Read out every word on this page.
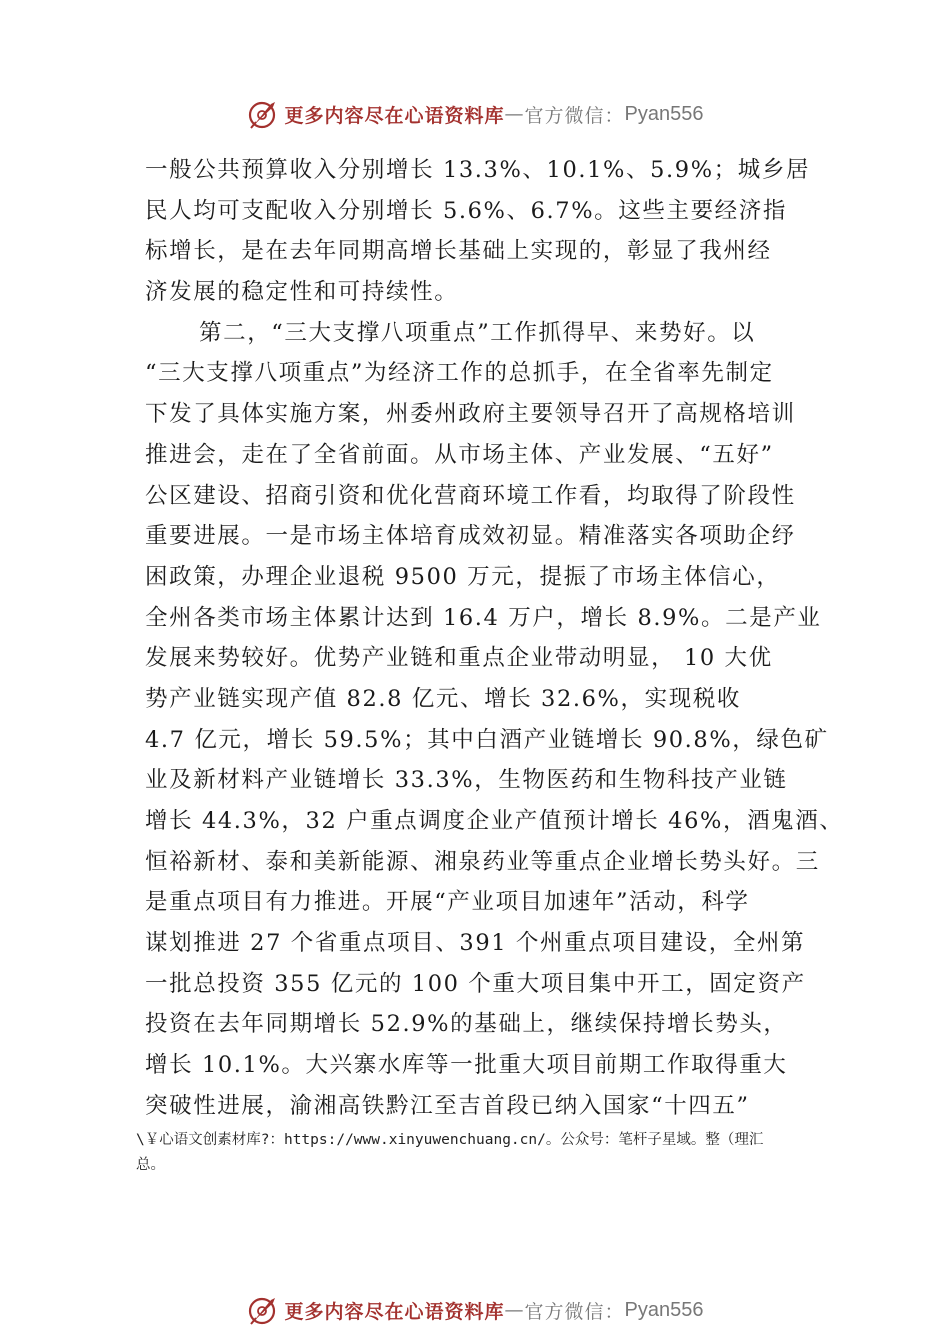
更多内容尽在心语资料库 — 官方微信： Pyan556
一般公共预算收入分别增长 13.3%、10.1%、5.9%；城乡居
民人均可支配收入分别增长 5.6%、6.7%。这些主要经济指
标增长，是在去年同期高增长基础上实现的，彰显了我州经
济发展的稳定性和可持续性。
第二，“三大支撑八项重点”工作抓得早、来势好。以
“三大支撑八项重点”为经济工作的总抓手，在全省率先制定
下发了具体实施方案，州委州政府主要领导召开了高规格培训
推进会，走在了全省前面。从市场主体、产业发展、“五好”
公区建设、招商引资和优化营商环境工作看，均取得了阶段性
重要进展。一是市场主体培育成效初显。精准落实各项助企纾
困政策，办理企业退税 9500 万元，提振了市场主体信心，
全州各类市场主体累计达到 16.4 万户，增长 8.9%。二是产业
发展来势较好。优势产业链和重点企业带动明显， 10 大优
势产业链实现产值 82.8 亿元、增长 32.6%，实现税收
4.7 亿元，增长 59.5%；其中白酒产业链增长 90.8%，绿色矿
业及新材料产业链增长 33.3%，生物医药和生物科技产业链
增长 44.3%，32 户重点调度企业产值预计增长 46%，酒鬼酒、
恒裕新材、泰和美新能源、湘泉药业等重点企业增长势头好。三
是重点项目有力推进。开展“产业项目加速年”活动，科学
谋划推进 27 个省重点项目、391 个州重点项目建设，全州第
一批总投资 355 亿元的 100 个重大项目集中开工，固定资产
投资在去年同期增长 52.9%的基础上，继续保持增长势头，
增长 10.1%。大兴寨水库等一批重大项目前期工作取得重大
突破性进展，渝湘高铁黔江至吉首段已纳入国家“十四五”
\￥心语文创素材库?：https://www.xinyuwenchuang.cn/。公众号：笔杆子星域。整（理汇
总。
更多内容尽在心语资料库 — 官方微信： Pyan556
